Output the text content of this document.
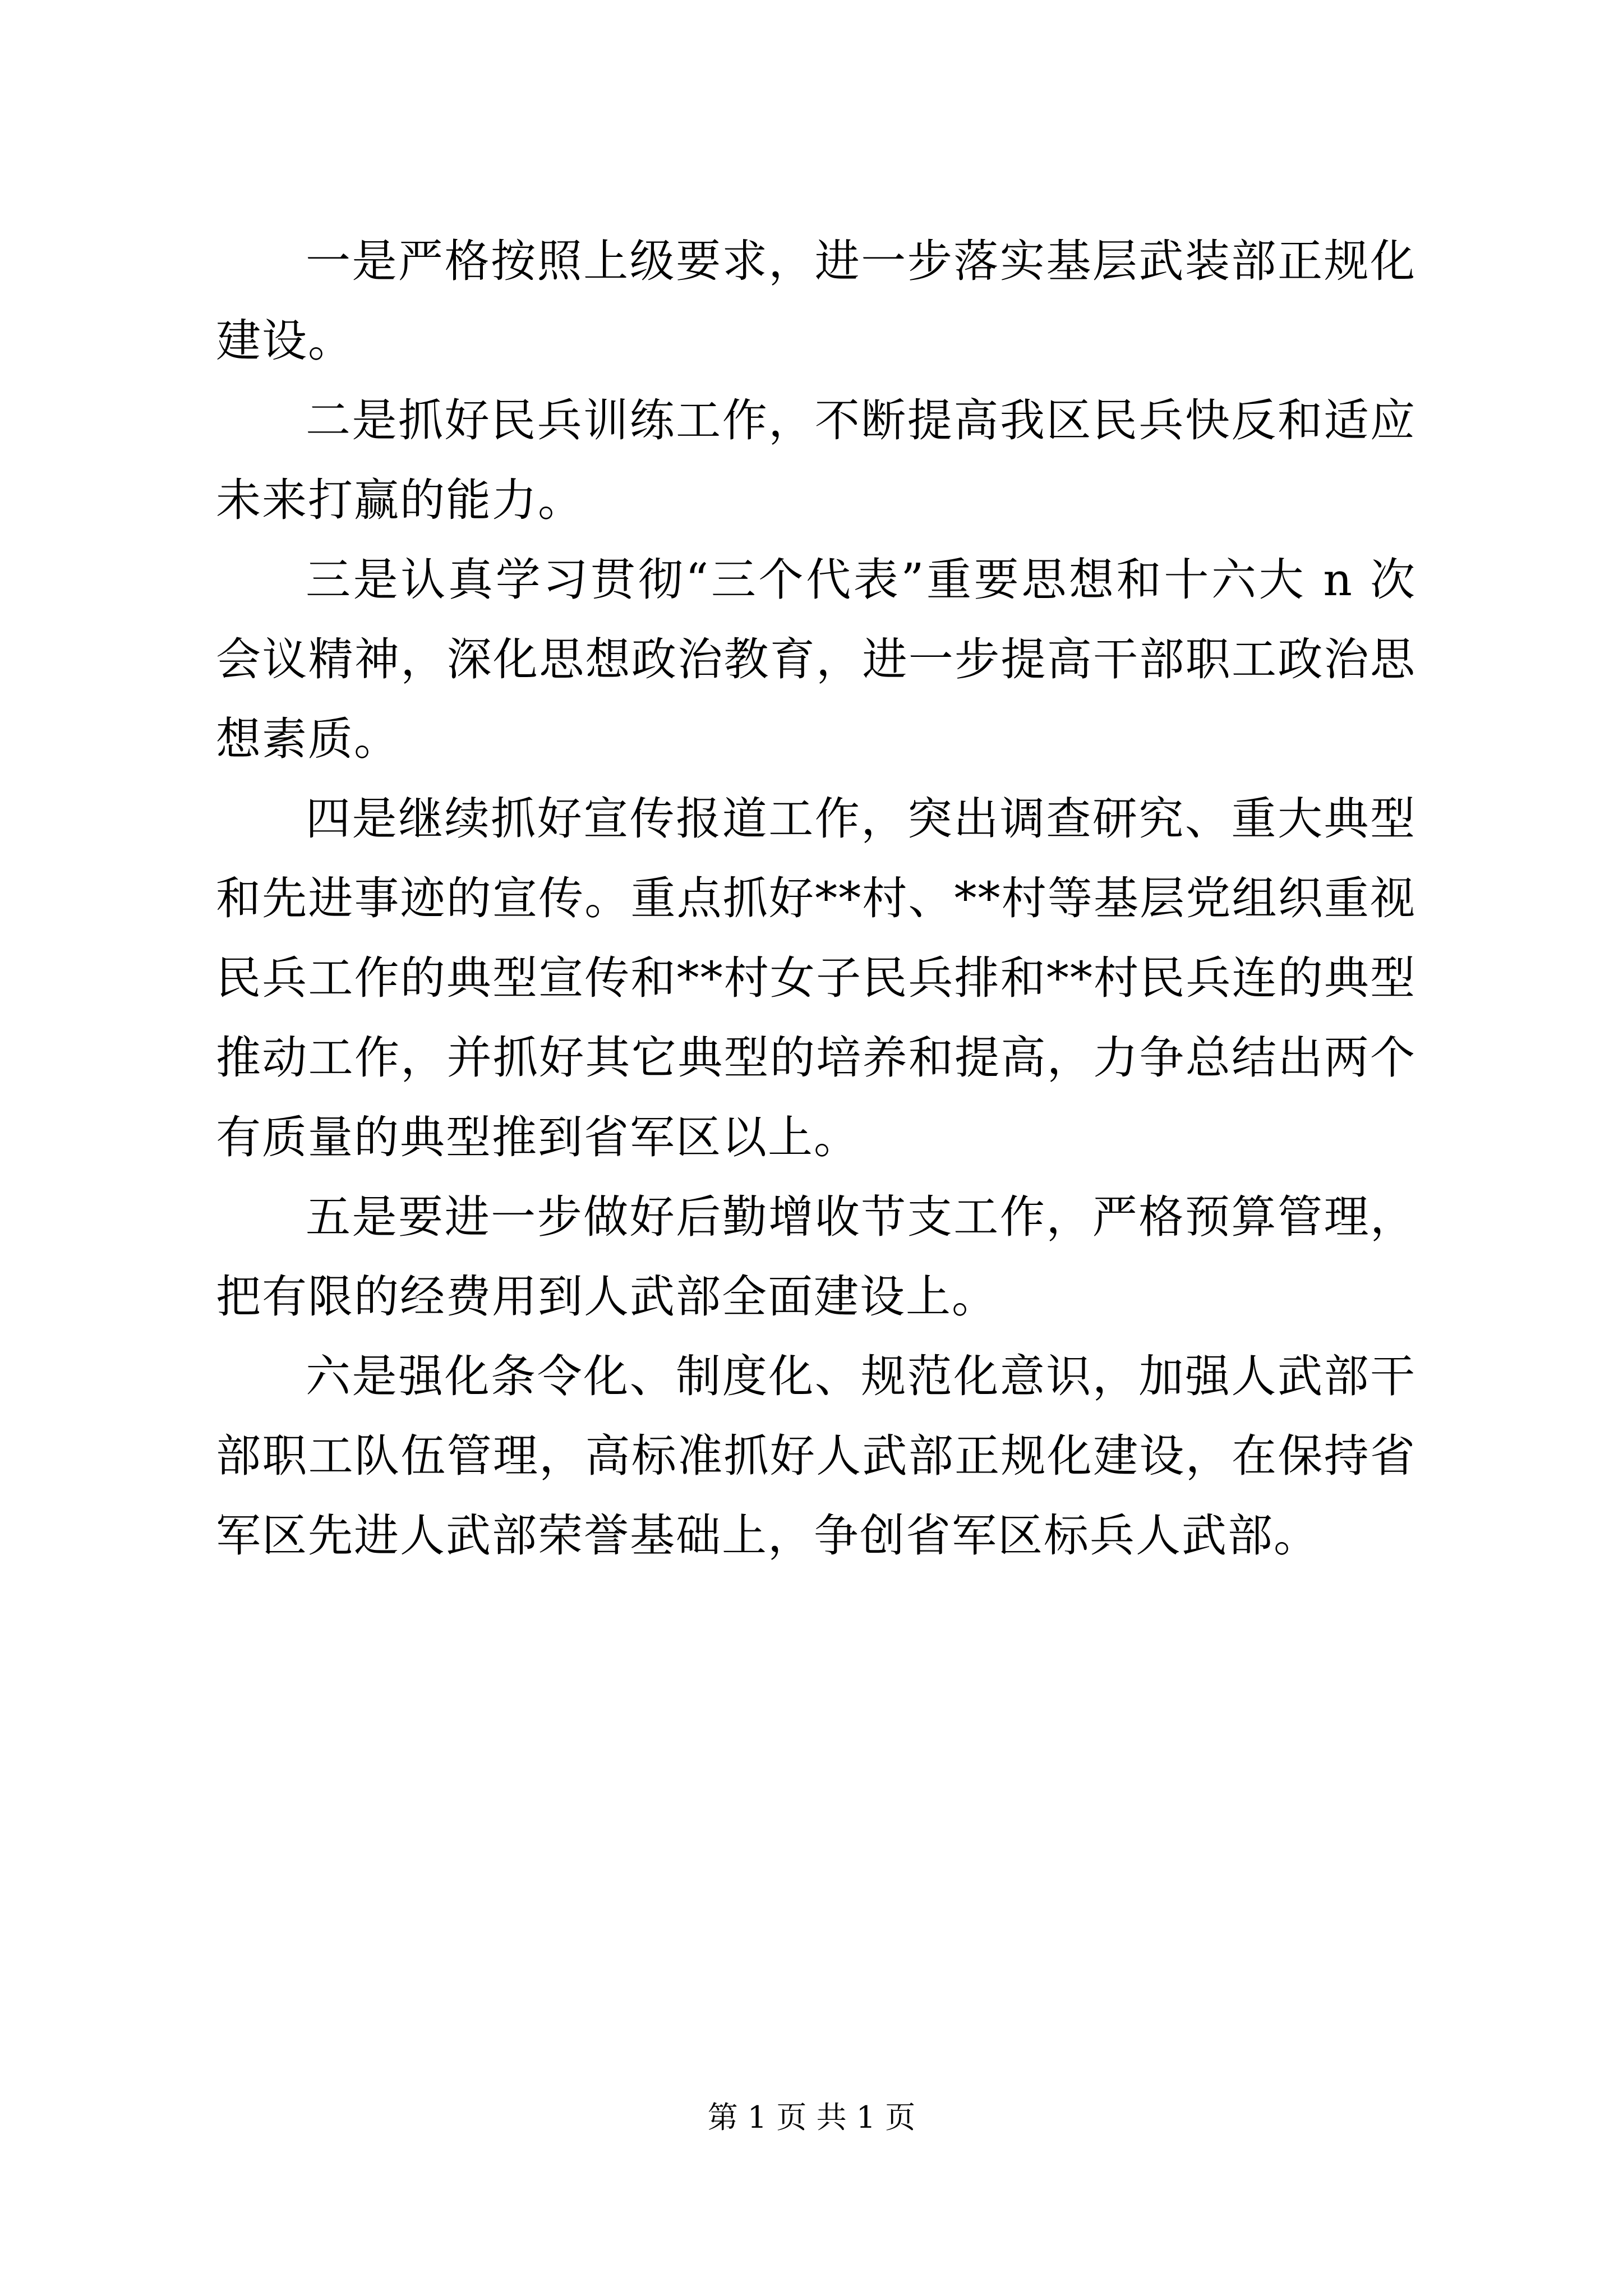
一是严格按照上级要求，进一步落实基层武装部正规化建设。

二是抓好民兵训练工作，不断提高我区民兵快反和适应未来打赢的能力。

三是认真学习贯彻“三个代表”重要思想和十六大 n 次会议精神，深化思想政治教育，进一步提高干部职工政治思想素质。

四是继续抓好宣传报道工作，突出调查研究、重大典型和先进事迹的宣传。重点抓好**村、**村等基层党组织重视民兵工作的典型宣传和**村女子民兵排和**村民兵连的典型推动工作，并抓好其它典型的培养和提高，力争总结出两个有质量的典型推到省军区以上。

五是要进一步做好后勤增收节支工作，严格预算管理，把有限的经费用到人武部全面建设上。

六是强化条令化、制度化、规范化意识，加强人武部干部职工队伍管理，高标准抓好人武部正规化建设，在保持省军区先进人武部荣誉基础上，争创省军区标兵人武部。

第 1 页 共 1 页
